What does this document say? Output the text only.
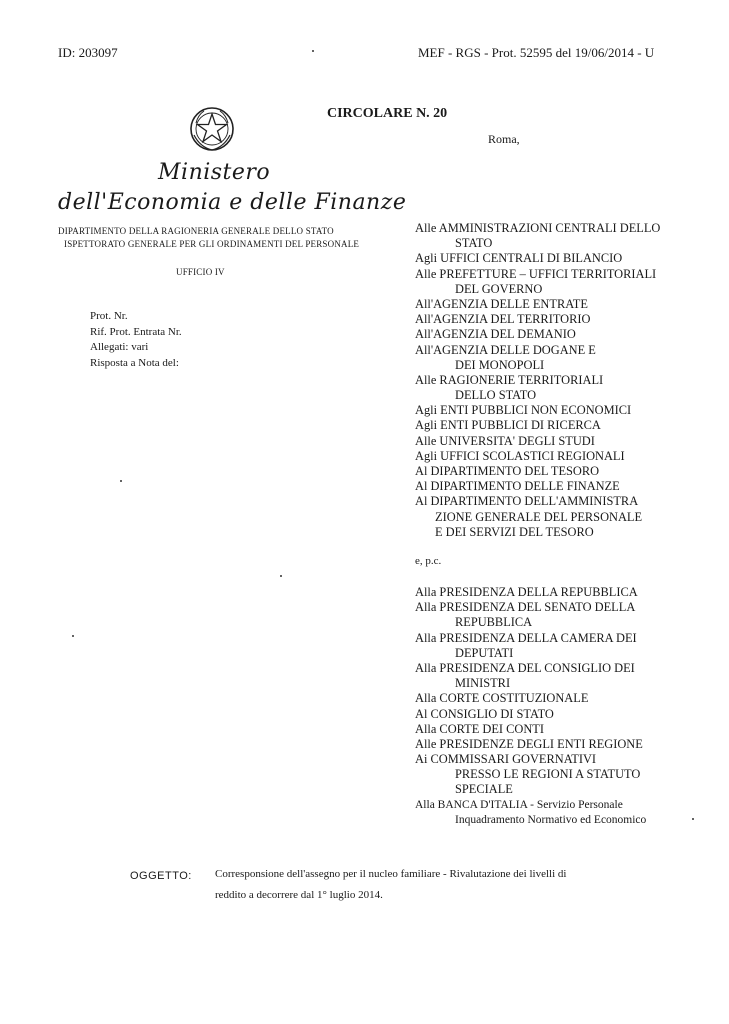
ID: 203097	MEF - RGS - Prot. 52595 del 19/06/2014 - U
CIRCOLARE N. 20
Roma,
Ministero
dell'Economia e delle Finanze
DIPARTIMENTO DELLA RAGIONERIA GENERALE DELLO STATO
ISPETTORATO GENERALE PER GLI ORDINAMENTI DEL PERSONALE
UFFICIO IV
Prot. Nr.
Rif. Prot. Entrata Nr.
Allegati: vari
Risposta a Nota del:
Alle AMMINISTRAZIONI CENTRALI DELLO
STATO
Agli UFFICI CENTRALI DI BILANCIO
Alle PREFETTURE – UFFICI TERRITORIALI
DEL GOVERNO
All'AGENZIA DELLE ENTRATE
All'AGENZIA DEL TERRITORIO
All'AGENZIA DEL DEMANIO
All'AGENZIA DELLE DOGANE E
DEI MONOPOLI
Alle RAGIONERIE TERRITORIALI
DELLO STATO
Agli ENTI PUBBLICI NON ECONOMICI
Agli ENTI PUBBLICI DI RICERCA
Alle UNIVERSITA' DEGLI STUDI
Agli UFFICI SCOLASTICI REGIONALI
Al DIPARTIMENTO DEL TESORO
Al DIPARTIMENTO DELLE FINANZE
Al DIPARTIMENTO DELL'AMMINISTRA
ZIONE GENERALE DEL PERSONALE
E DEI SERVIZI DEL TESORO
e, p.c.
Alla PRESIDENZA DELLA REPUBBLICA
Alla PRESIDENZA DEL SENATO DELLA
REPUBBLICA
Alla PRESIDENZA DELLA CAMERA DEI
DEPUTATI
Alla PRESIDENZA DEL CONSIGLIO DEI
MINISTRI
Alla CORTE COSTITUZIONALE
Al CONSIGLIO DI STATO
Alla CORTE DEI CONTI
Alle PRESIDENZE DEGLI ENTI REGIONE
Ai COMMISSARI GOVERNATIVI
PRESSO LE REGIONI A STATUTO
SPECIALE
Alla BANCA D'ITALIA - Servizio Personale
Inquadramento Normativo ed Economico
OGGETTO: Corresponsione dell'assegno per il nucleo familiare - Rivalutazione dei livelli di
reddito a decorrere dal 1° luglio 2014.
